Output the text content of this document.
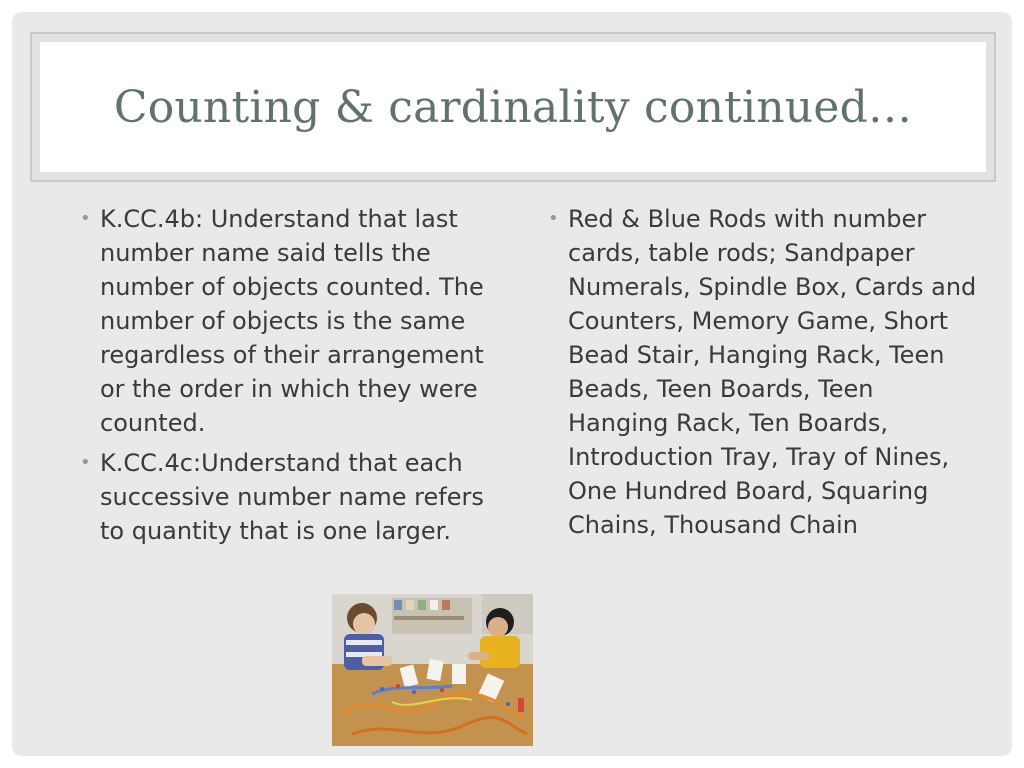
Counting & cardinality continued…
• K.CC.4b: Understand that last number name said tells the number of objects counted. The number of objects is the same regardless of their arrangement or the order in which they were counted.
• K.CC.4c:Understand that each successive number name refers to quantity that is one larger.
• Red & Blue Rods with number cards, table rods; Sandpaper Numerals, Spindle Box, Cards and Counters, Memory Game, Short Bead Stair, Hanging Rack, Teen Beads, Teen Boards, Teen Hanging Rack, Ten Boards, Introduction Tray, Tray of Nines, One Hundred Board, Squaring Chains, Thousand Chain
